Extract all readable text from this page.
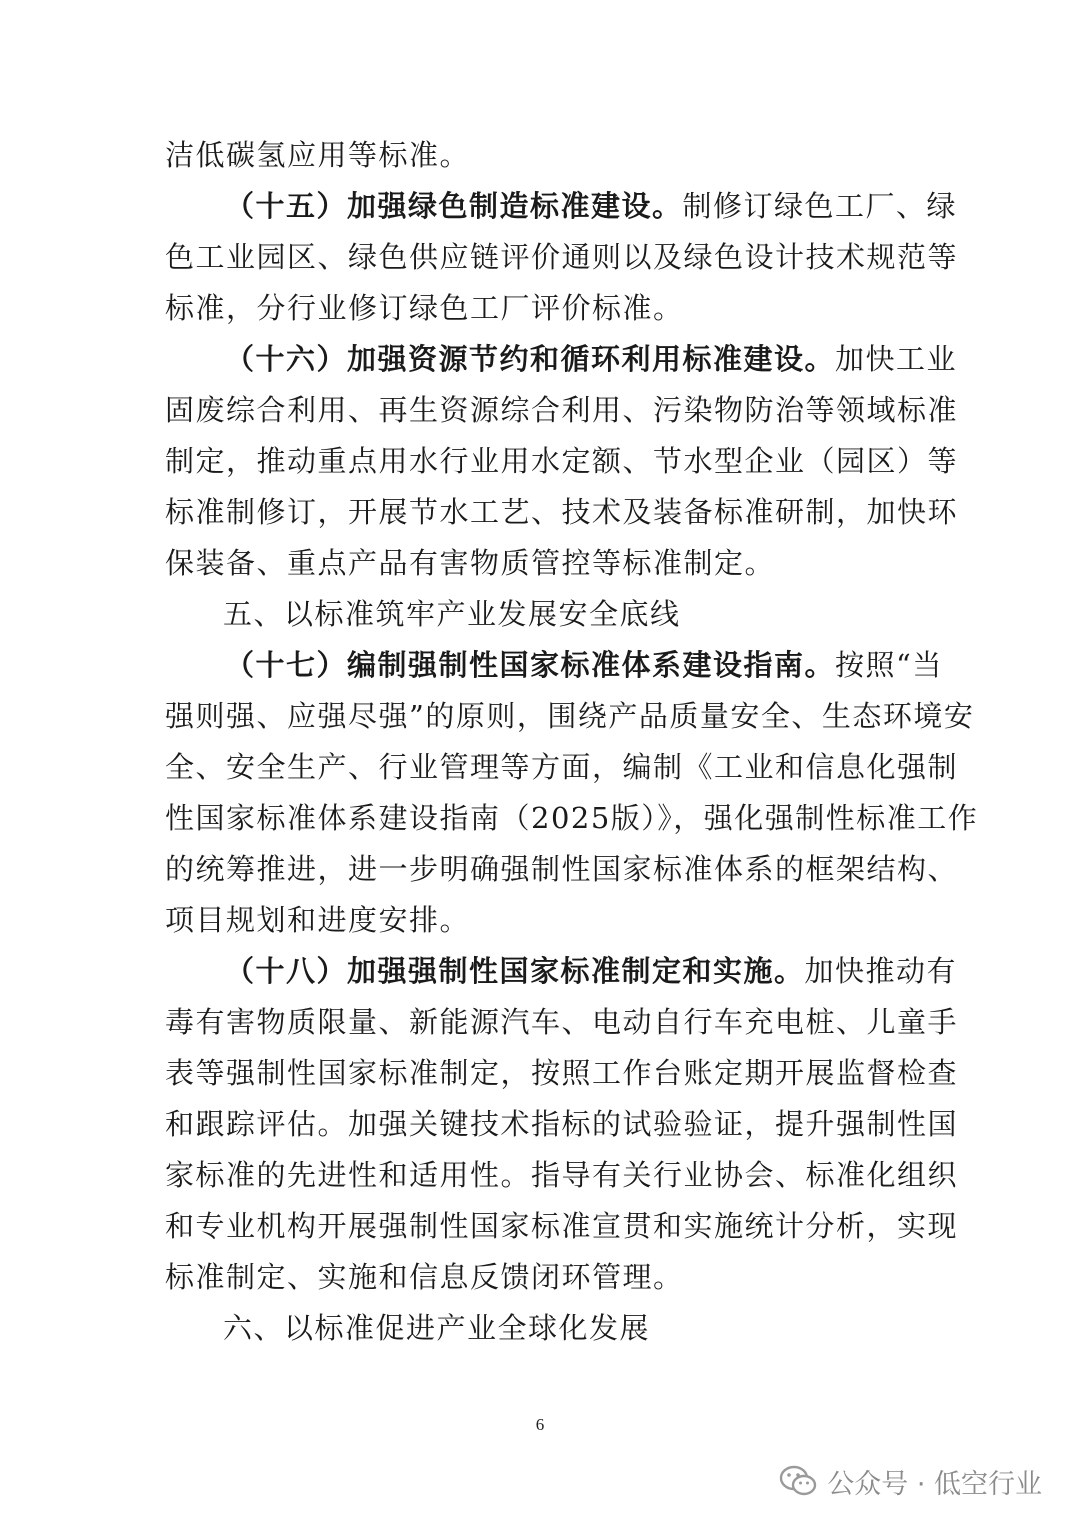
洁低碳氢应用等标准。
（十五）加强绿色制造标准建设。制修订绿色工厂、绿
色工业园区、绿色供应链评价通则以及绿色设计技术规范等
标准，分行业修订绿色工厂评价标准。
（十六）加强资源节约和循环利用标准建设。加快工业
固废综合利用、再生资源综合利用、污染物防治等领域标准
制定，推动重点用水行业用水定额、节水型企业（园区）等
标准制修订，开展节水工艺、技术及装备标准研制，加快环
保装备、重点产品有害物质管控等标准制定。
五、以标准筑牢产业发展安全底线
（十七）编制强制性国家标准体系建设指南。按照“当
强则强、应强尽强”的原则，围绕产品质量安全、生态环境安
全、安全生产、行业管理等方面，编制《工业和信息化强制
性国家标准体系建设指南（2025版）》，强化强制性标准工作
的统筹推进，进一步明确强制性国家标准体系的框架结构、
项目规划和进度安排。
（十八）加强强制性国家标准制定和实施。加快推动有
毒有害物质限量、新能源汽车、电动自行车充电桩、儿童手
表等强制性国家标准制定，按照工作台账定期开展监督检查
和跟踪评估。加强关键技术指标的试验验证，提升强制性国
家标准的先进性和适用性。指导有关行业协会、标准化组织
和专业机构开展强制性国家标准宣贯和实施统计分析，实现
标准制定、实施和信息反馈闭环管理。
六、以标准促进产业全球化发展
6
公众号 · 低空行业
